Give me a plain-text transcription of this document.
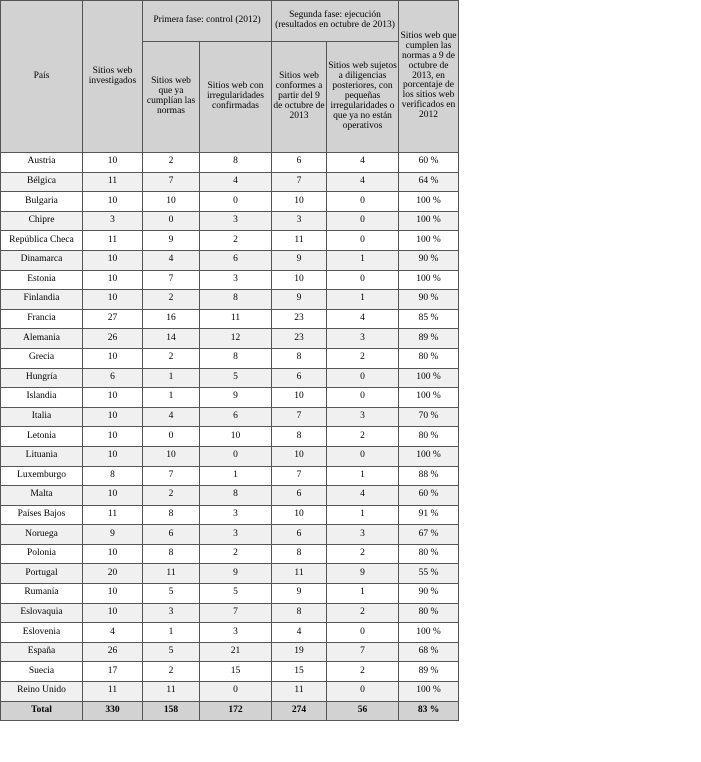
País	Sitios web investigados	Primera fase: control (2012)		Segunda fase: ejecución (resultados en octubre de 2013)		Sitios web que cumplen las normas a 9 de octubre de 2013, en porcentaje de los sitios web verificados en 2012
		Sitios web que ya cumplían las normas	Sitios web con irregularidades confirmadas	Sitios web conformes a partir del 9 de octubre de 2013	Sitios web sujetos a diligencias posteriores, con pequeñas irregularidades o que ya no están operativos	
Austria	10	2	8	6	4	60 %
Bélgica	11	7	4	7	4	64 %
Bulgaria	10	10	0	10	0	100 %
Chipre	3	0	3	3	0	100 %
República Checa	11	9	2	11	0	100 %
Dinamarca	10	4	6	9	1	90 %
Estonia	10	7	3	10	0	100 %
Finlandia	10	2	8	9	1	90 %
Francia	27	16	11	23	4	85 %
Alemania	26	14	12	23	3	89 %
Grecia	10	2	8	8	2	80 %
Hungría	6	1	5	6	0	100 %
Islandia	10	1	9	10	0	100 %
Italia	10	4	6	7	3	70 %
Letonia	10	0	10	8	2	80 %
Lituania	10	10	0	10	0	100 %
Luxemburgo	8	7	1	7	1	88 %
Malta	10	2	8	6	4	60 %
Países Bajos	11	8	3	10	1	91 %
Noruega	9	6	3	6	3	67 %
Polonia	10	8	2	8	2	80 %
Portugal	20	11	9	11	9	55 %
Rumanía	10	5	5	9	1	90 %
Eslovaquia	10	3	7	8	2	80 %
Eslovenia	4	1	3	4	0	100 %
España	26	5	21	19	7	68 %
Suecia	17	2	15	15	2	89 %
Reino Unido	11	11	0	11	0	100 %
Total	330	158	172	274	56	83 %
